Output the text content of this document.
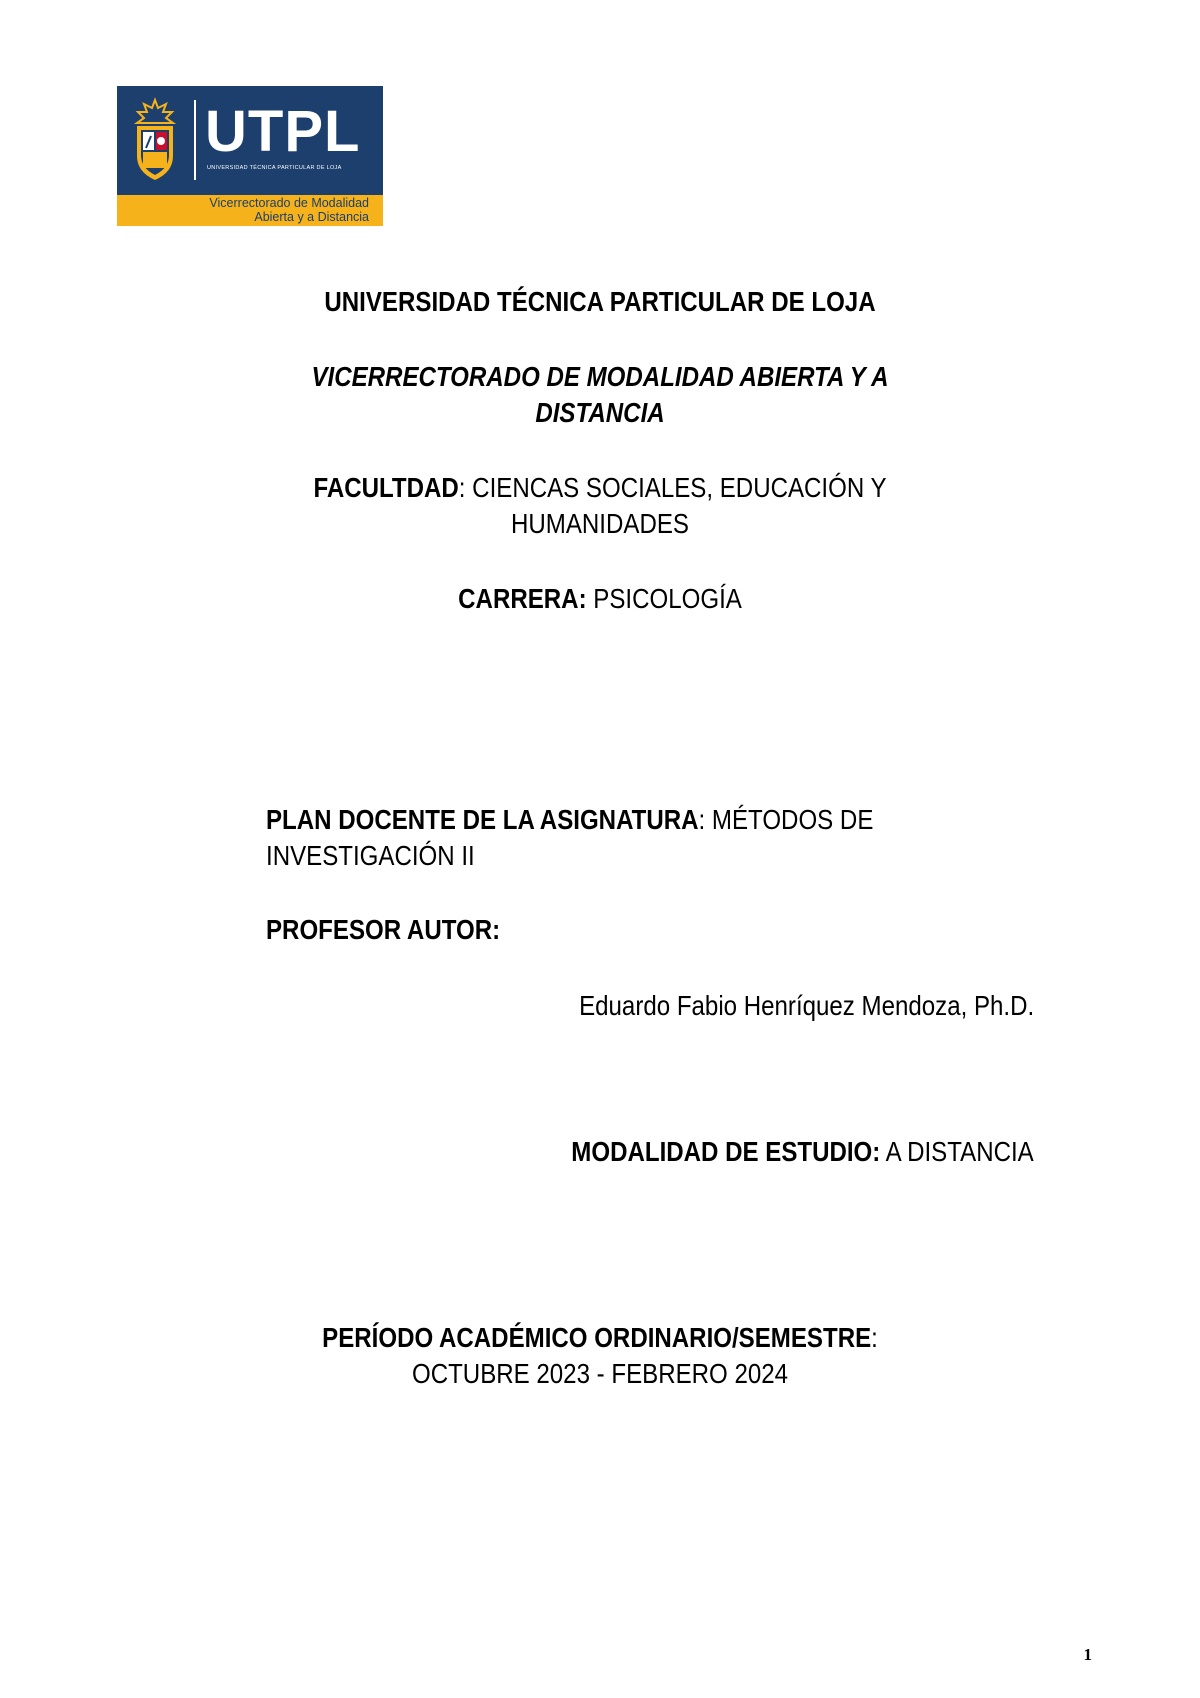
UTPL
UNIVERSIDAD TÉCNICA PARTICULAR DE LOJA
Vicerrectorado de Modalidad
Abierta y a Distancia
UNIVERSIDAD TÉCNICA PARTICULAR DE LOJA
VICERRECTORADO DE MODALIDAD ABIERTA Y A
DISTANCIA
FACULTDAD: CIENCAS SOCIALES, EDUCACIÓN Y
HUMANIDADES
CARRERA: PSICOLOGÍA
PLAN DOCENTE DE LA ASIGNATURA: MÉTODOS DE
INVESTIGACIÓN II
PROFESOR AUTOR:
Eduardo Fabio Henríquez Mendoza, Ph.D.
MODALIDAD DE ESTUDIO: A DISTANCIA
PERÍODO ACADÉMICO ORDINARIO/SEMESTRE:
OCTUBRE 2023 - FEBRERO 2024
1
